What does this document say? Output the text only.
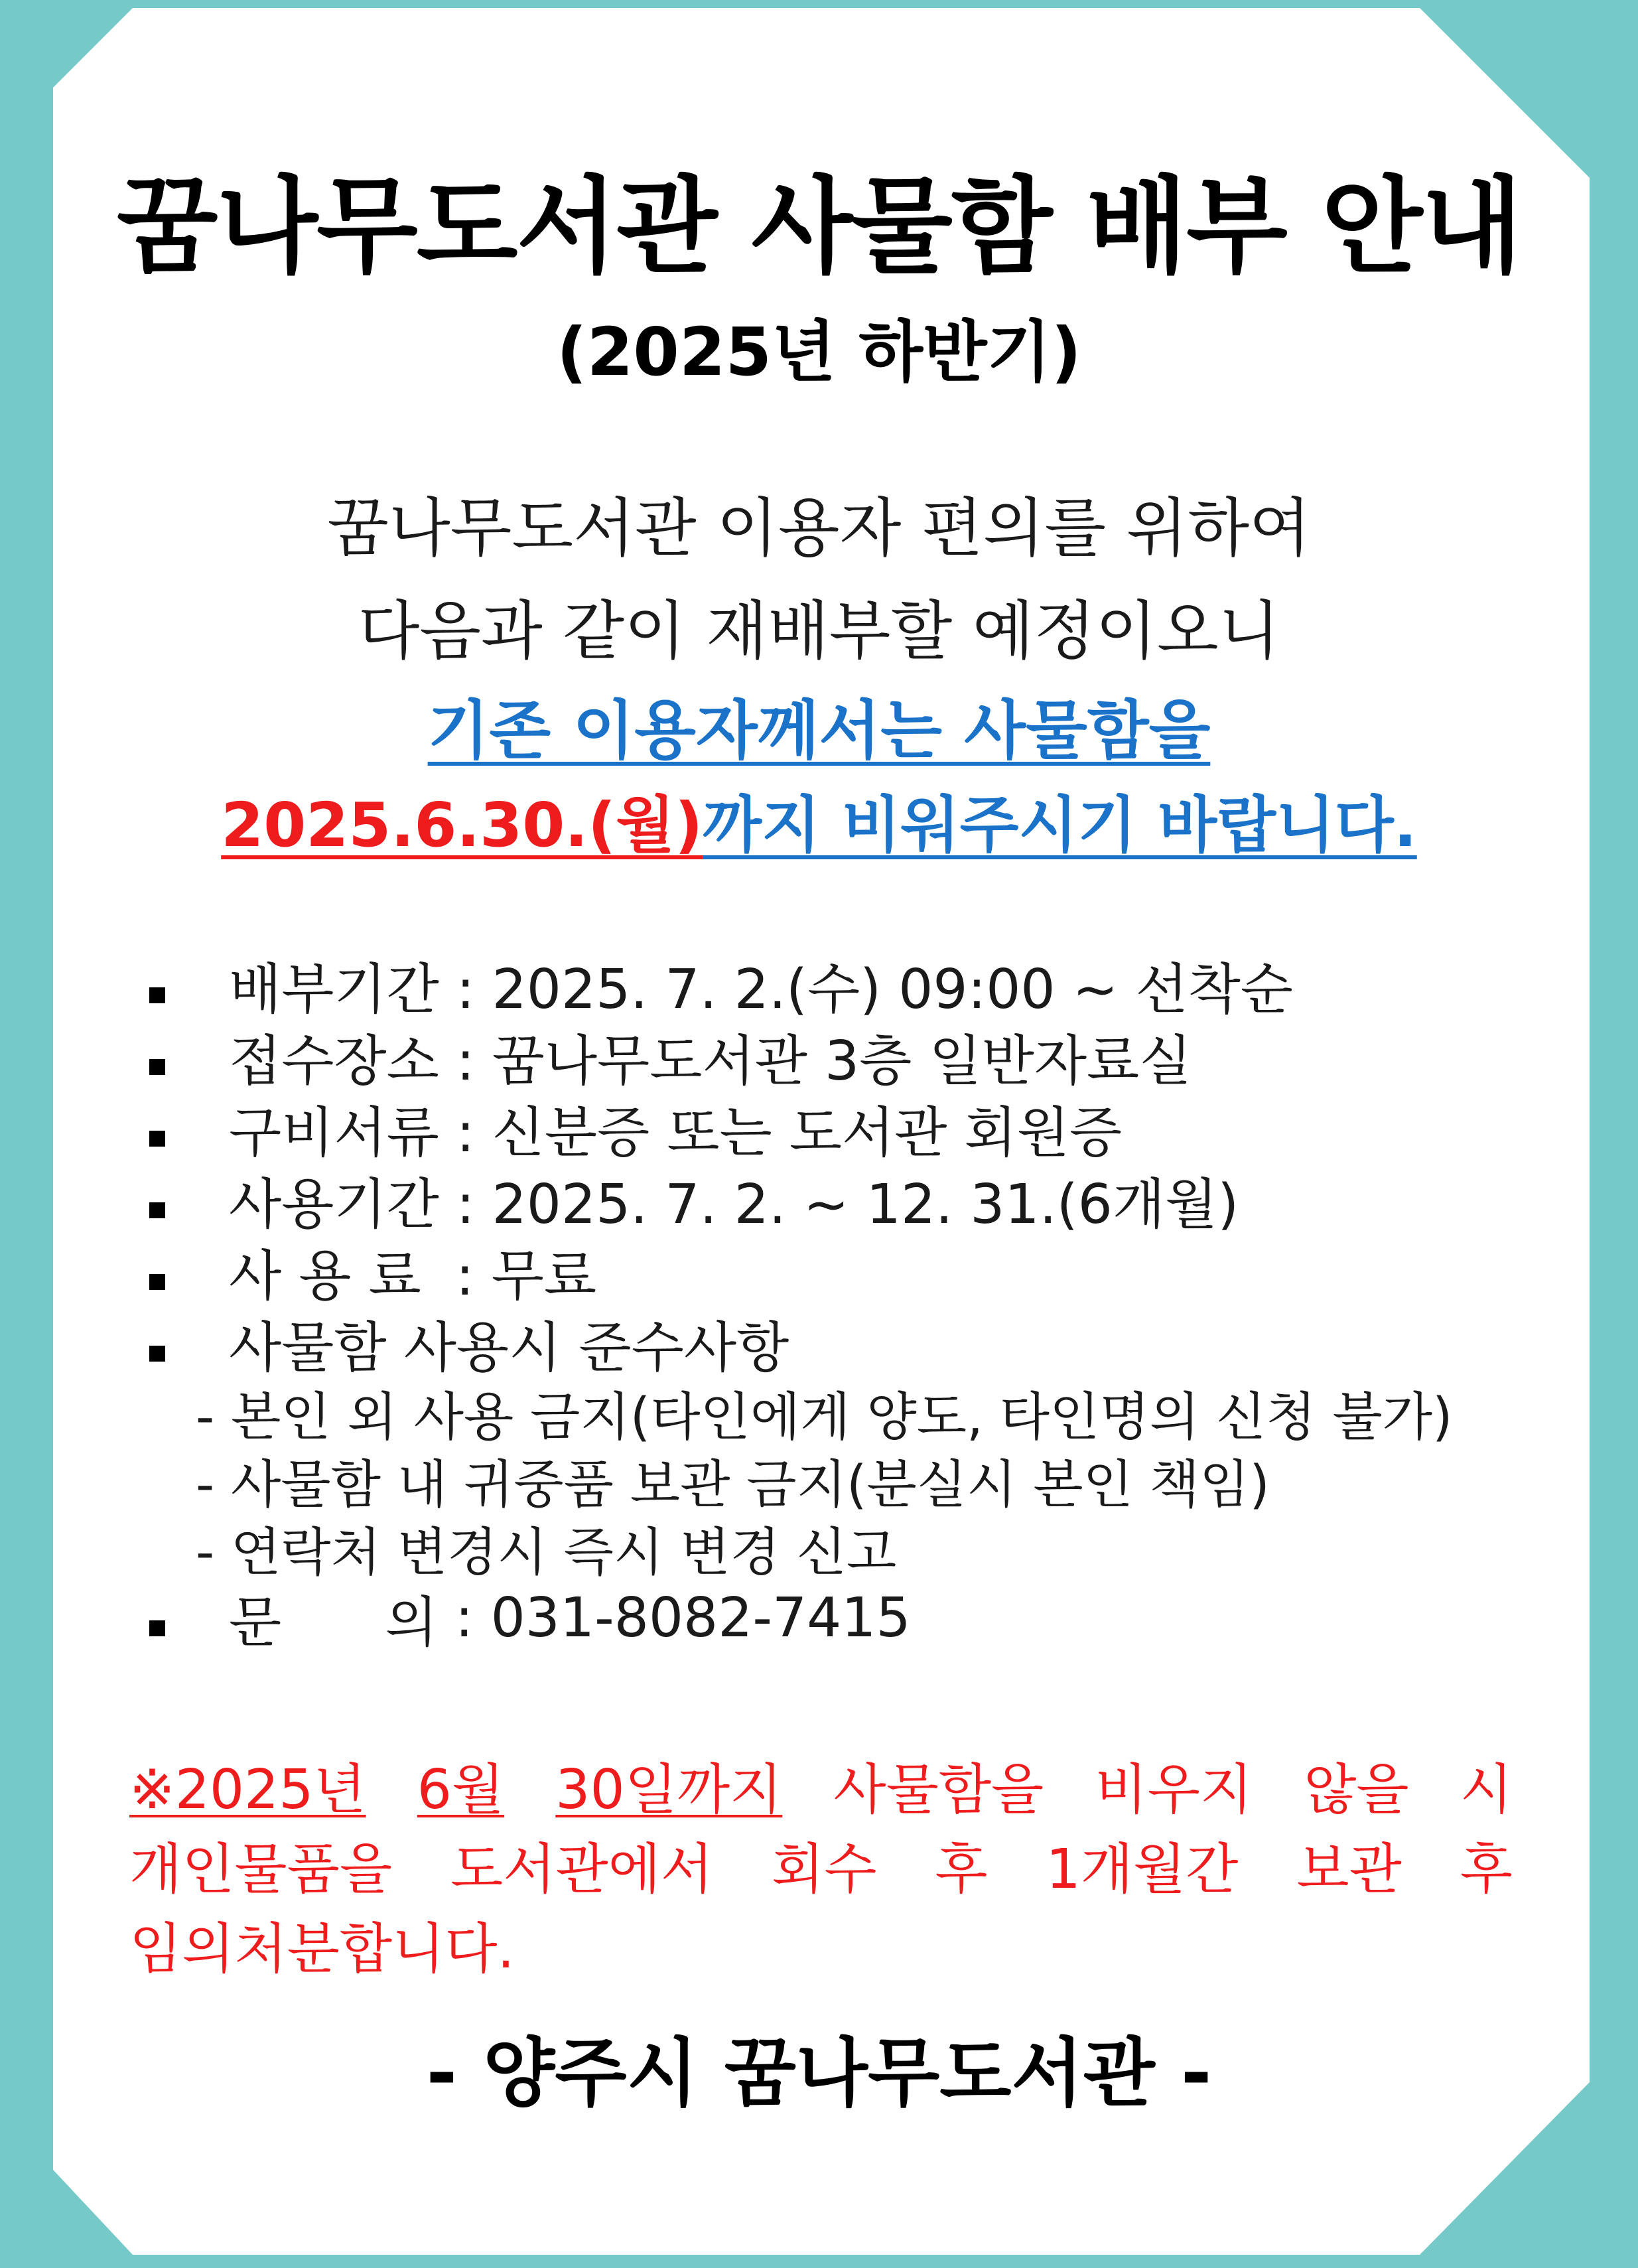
꿈나무도서관 사물함 배부 안내
(2025년 하반기)
꿈나무도서관 이용자 편의를 위하여
다음과 같이 재배부할 예정이오니
기존 이용자께서는 사물함을
2025.6.30.(월)까지 비워주시기 바랍니다.
배부기간 : 2025. 7. 2.(수) 09:00 ~ 선착순
접수장소 : 꿈나무도서관 3층 일반자료실
구비서류 : 신분증 또는 도서관 회원증
사용기간 : 2025. 7. 2. ~ 12. 31.(6개월)
사 용 료 : 무료
사물함 사용시 준수사항
- 본인 외 사용 금지(타인에게 양도, 타인명의 신청 불가)
- 사물함 내 귀중품 보관 금지(분실시 본인 책임)
- 연락처 변경시 즉시 변경 신고
문      의 : 031-8082-7415
※2025년 6월 30일까지 사물함을 비우지 않을 시
개인물품을 도서관에서 회수 후 1개월간 보관 후
임의처분합니다.
- 양주시 꿈나무도서관 -
